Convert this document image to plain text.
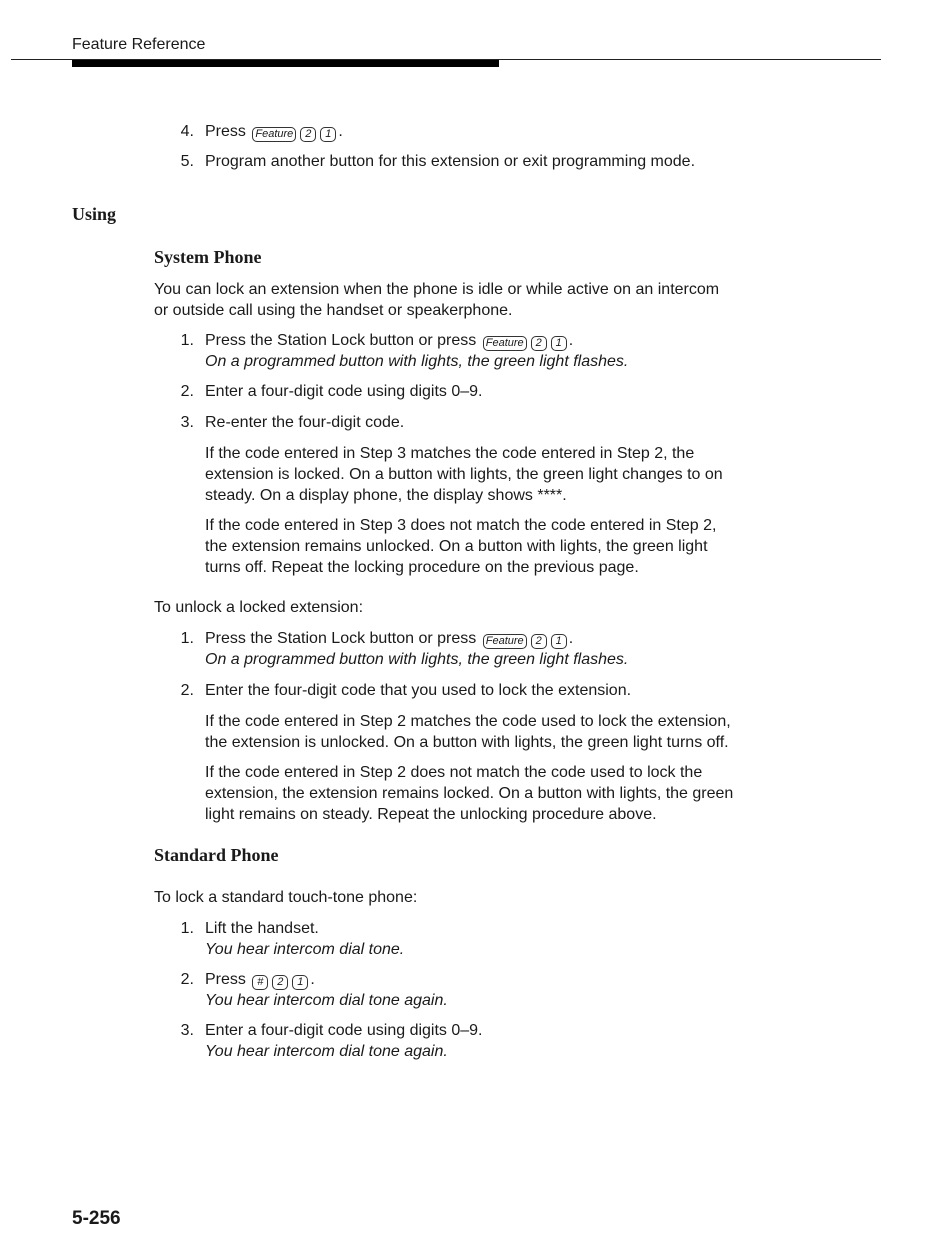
Feature Reference
4. Press Feature 2 1 .
5. Program another button for this extension or exit programming mode.
Using
System Phone
You can lock an extension when the phone is idle or while active on an intercom
or outside call using the handset or speakerphone.
1. Press the Station Lock button or press Feature 2 1 .
On a programmed button with lights, the green light flashes.
2. Enter a four-digit code using digits 0–9.
3. Re-enter the four-digit code.
If the code entered in Step 3 matches the code entered in Step 2, the
extension is locked. On a button with lights, the green light changes to on
steady. On a display phone, the display shows ****.
If the code entered in Step 3 does not match the code entered in Step 2,
the extension remains unlocked. On a button with lights, the green light
turns off. Repeat the locking procedure on the previous page.
To unlock a locked extension:
1. Press the Station Lock button or press Feature 2 1 .
On a programmed button with lights, the green light flashes.
2. Enter the four-digit code that you used to lock the extension.
If the code entered in Step 2 matches the code used to lock the extension,
the extension is unlocked. On a button with lights, the green light turns off.
If the code entered in Step 2 does not match the code used to lock the
extension, the extension remains locked. On a button with lights, the green
light remains on steady. Repeat the unlocking procedure above.
Standard Phone
To lock a standard touch-tone phone:
1. Lift the handset.
You hear intercom dial tone.
2. Press # 2 1 .
You hear intercom dial tone again.
3. Enter a four-digit code using digits 0–9.
You hear intercom dial tone again.
5-256
